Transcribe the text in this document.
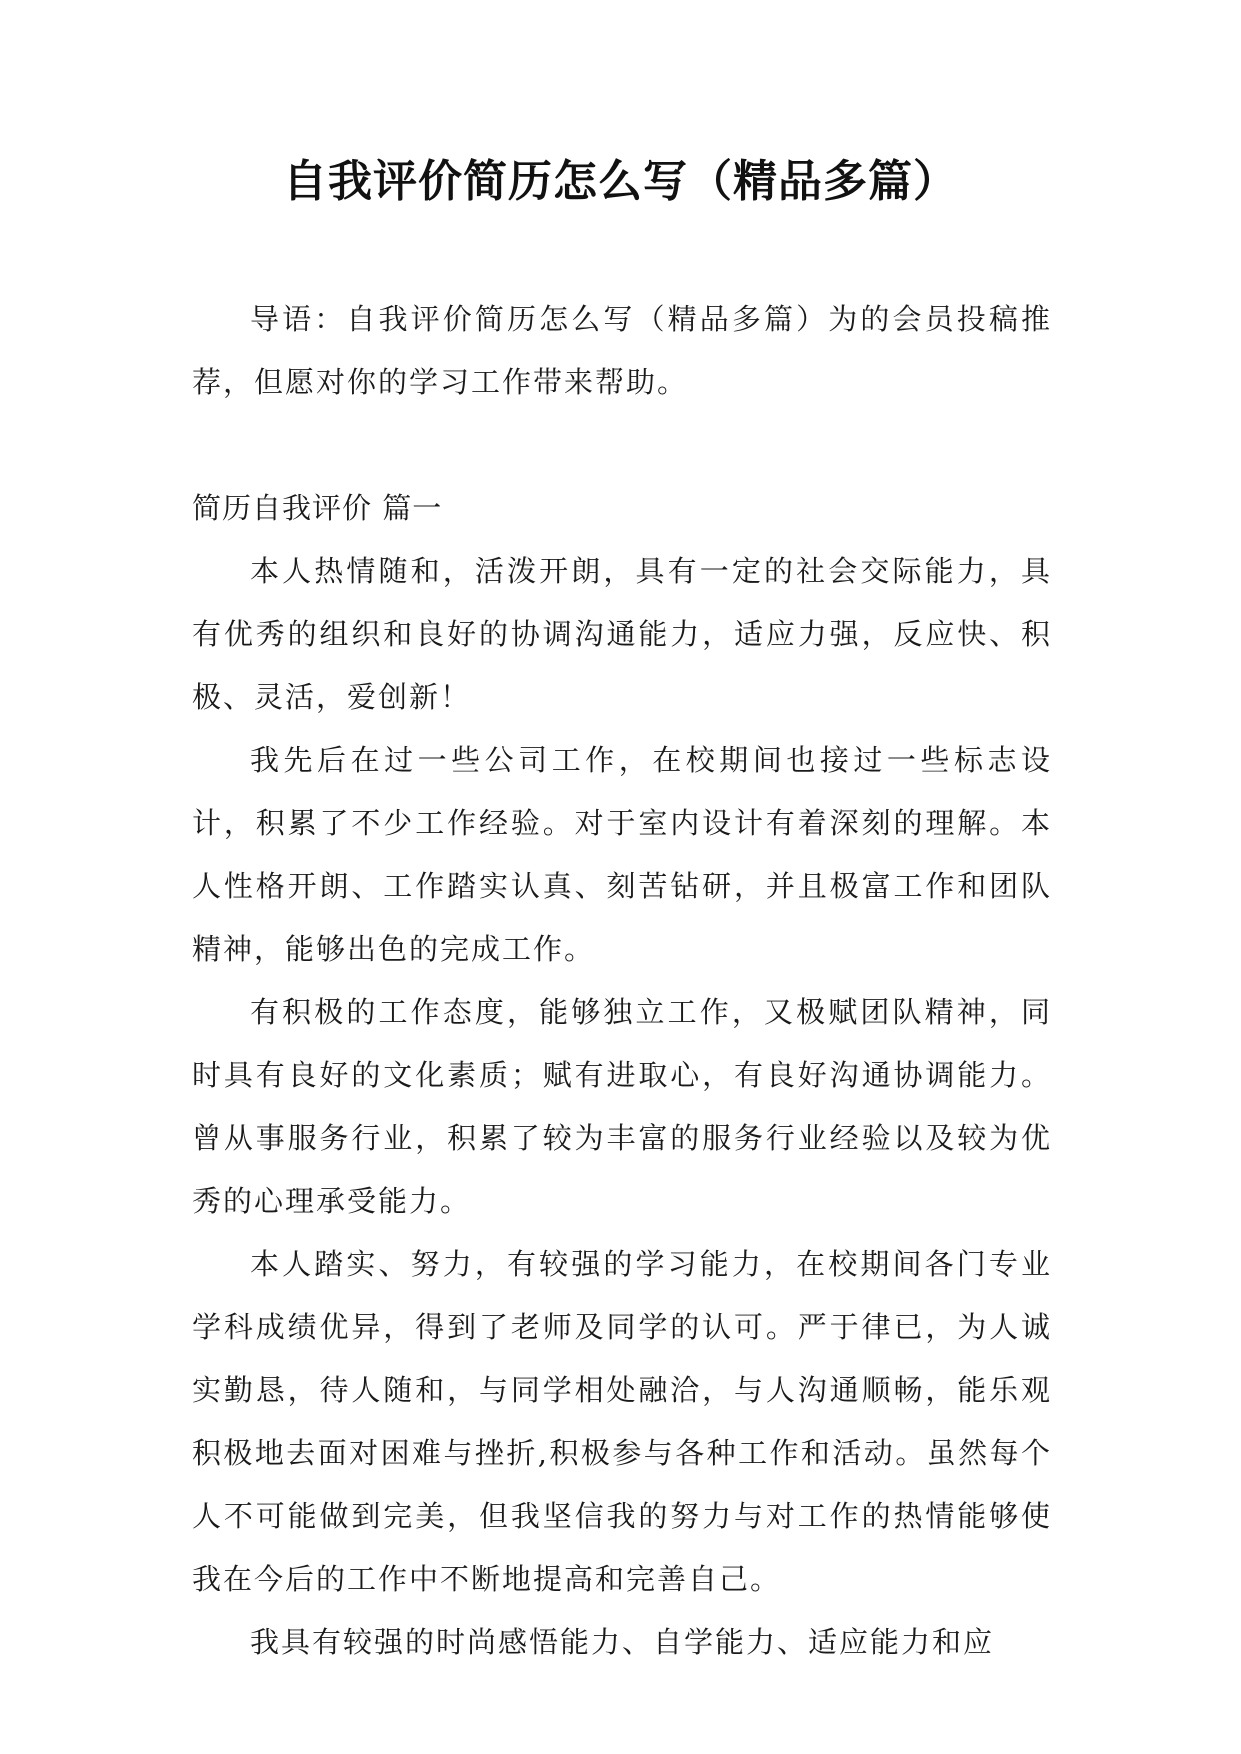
自我评价简历怎么写（精品多篇）

导语：自我评价简历怎么写（精品多篇）为的会员投稿推荐，但愿对你的学习工作带来帮助。

简历自我评价 篇一

本人热情随和，活泼开朗，具有一定的社会交际能力，具有优秀的组织和良好的协调沟通能力，适应力强，反应快、积极、灵活，爱创新！

我先后在过一些公司工作，在校期间也接过一些标志设计，积累了不少工作经验。对于室内设计有着深刻的理解。本人性格开朗、工作踏实认真、刻苦钻研，并且极富工作和团队精神，能够出色的完成工作。

有积极的工作态度，能够独立工作，又极赋团队精神，同时具有良好的文化素质；赋有进取心，有良好沟通协调能力。曾从事服务行业，积累了较为丰富的服务行业经验以及较为优秀的心理承受能力。

本人踏实、努力，有较强的学习能力，在校期间各门专业学科成绩优异，得到了老师及同学的认可。严于律已，为人诚实勤恳，待人随和，与同学相处融洽，与人沟通顺畅，能乐观积极地去面对困难与挫折,积极参与各种工作和活动。虽然每个人不可能做到完美，但我坚信我的努力与对工作的热情能够使我在今后的工作中不断地提高和完善自己。

我具有较强的时尚感悟能力、自学能力、适应能力和应
